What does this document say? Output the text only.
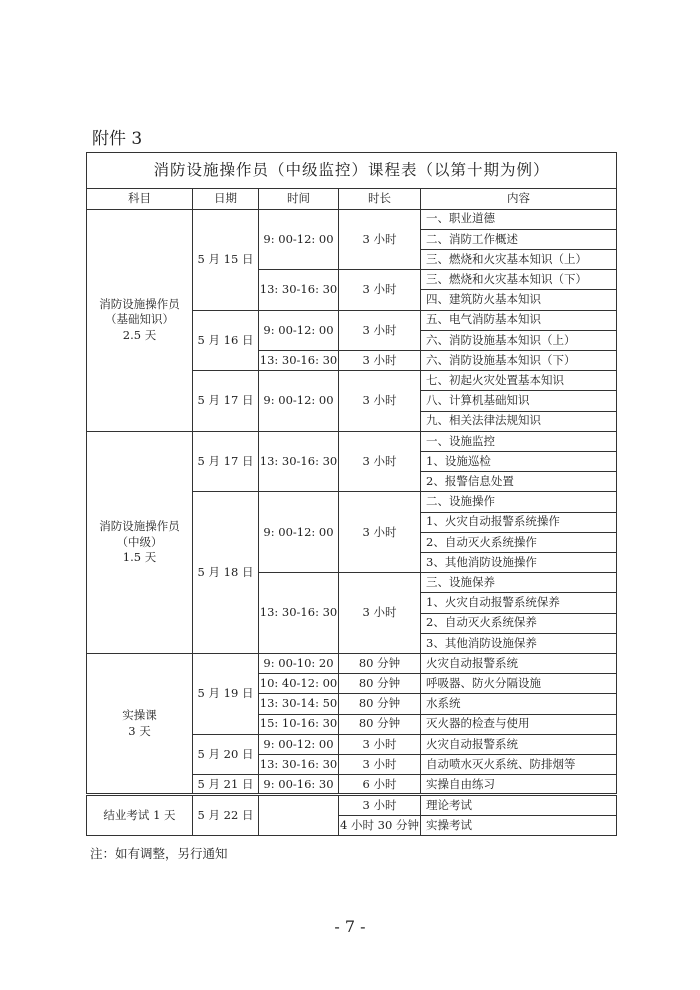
附件 3
消防设施操作员（中级监控）课程表（以第十期为例）				
科目	日期	时间	时长	内容

消防设施操作员
（基础知识）
2.5 天	5 月 15 日	9: 00-12: 00	3 小时	一、职业道德
				二、消防工作概述
				三、燃烧和火灾基本知识（上）
		13: 30-16: 30	3 小时	三、燃烧和火灾基本知识（下）
				四、建筑防火基本知识
	5 月 16 日	9: 00-12: 00	3 小时	五、电气消防基本知识
				六、消防设施基本知识（上）
		13: 30-16: 30	3 小时	六、消防设施基本知识（下）
	5 月 17 日	9: 00-12: 00	3 小时	七、初起火灾处置基本知识
				八、计算机基础知识
				九、相关法律法规知识

消防设施操作员
（中级）
1.5 天	5 月 17 日	13: 30-16: 30	3 小时	一、设施监控
				1、设施巡检
				2、报警信息处置
	5 月 18 日	9: 00-12: 00	3 小时	二、设施操作
				1、火灾自动报警系统操作
				2、自动灭火系统操作
				3、其他消防设施操作
		13: 30-16: 30	3 小时	三、设施保养
				1、火灾自动报警系统保养
				2、自动灭火系统保养
				3、其他消防设施保养

实操课
3 天	5 月 19 日	9: 00-10: 20	80 分钟	火灾自动报警系统
		10: 40-12: 00	80 分钟	呼吸器、防火分隔设施
		13: 30-14: 50	80 分钟	水系统
		15: 10-16: 30	80 分钟	灭火器的检查与使用
	5 月 20 日	9: 00-12: 00	3 小时	火灾自动报警系统
		13: 30-16: 30	3 小时	自动喷水灭火系统、防排烟等
	5 月 21 日	9: 00-16: 30	6 小时	实操自由练习
结业考试 1 天	5 月 22 日		3 小时	理论考试
			4 小时 30 分钟	实操考试
注：如有调整，另行通知
- 7 -
